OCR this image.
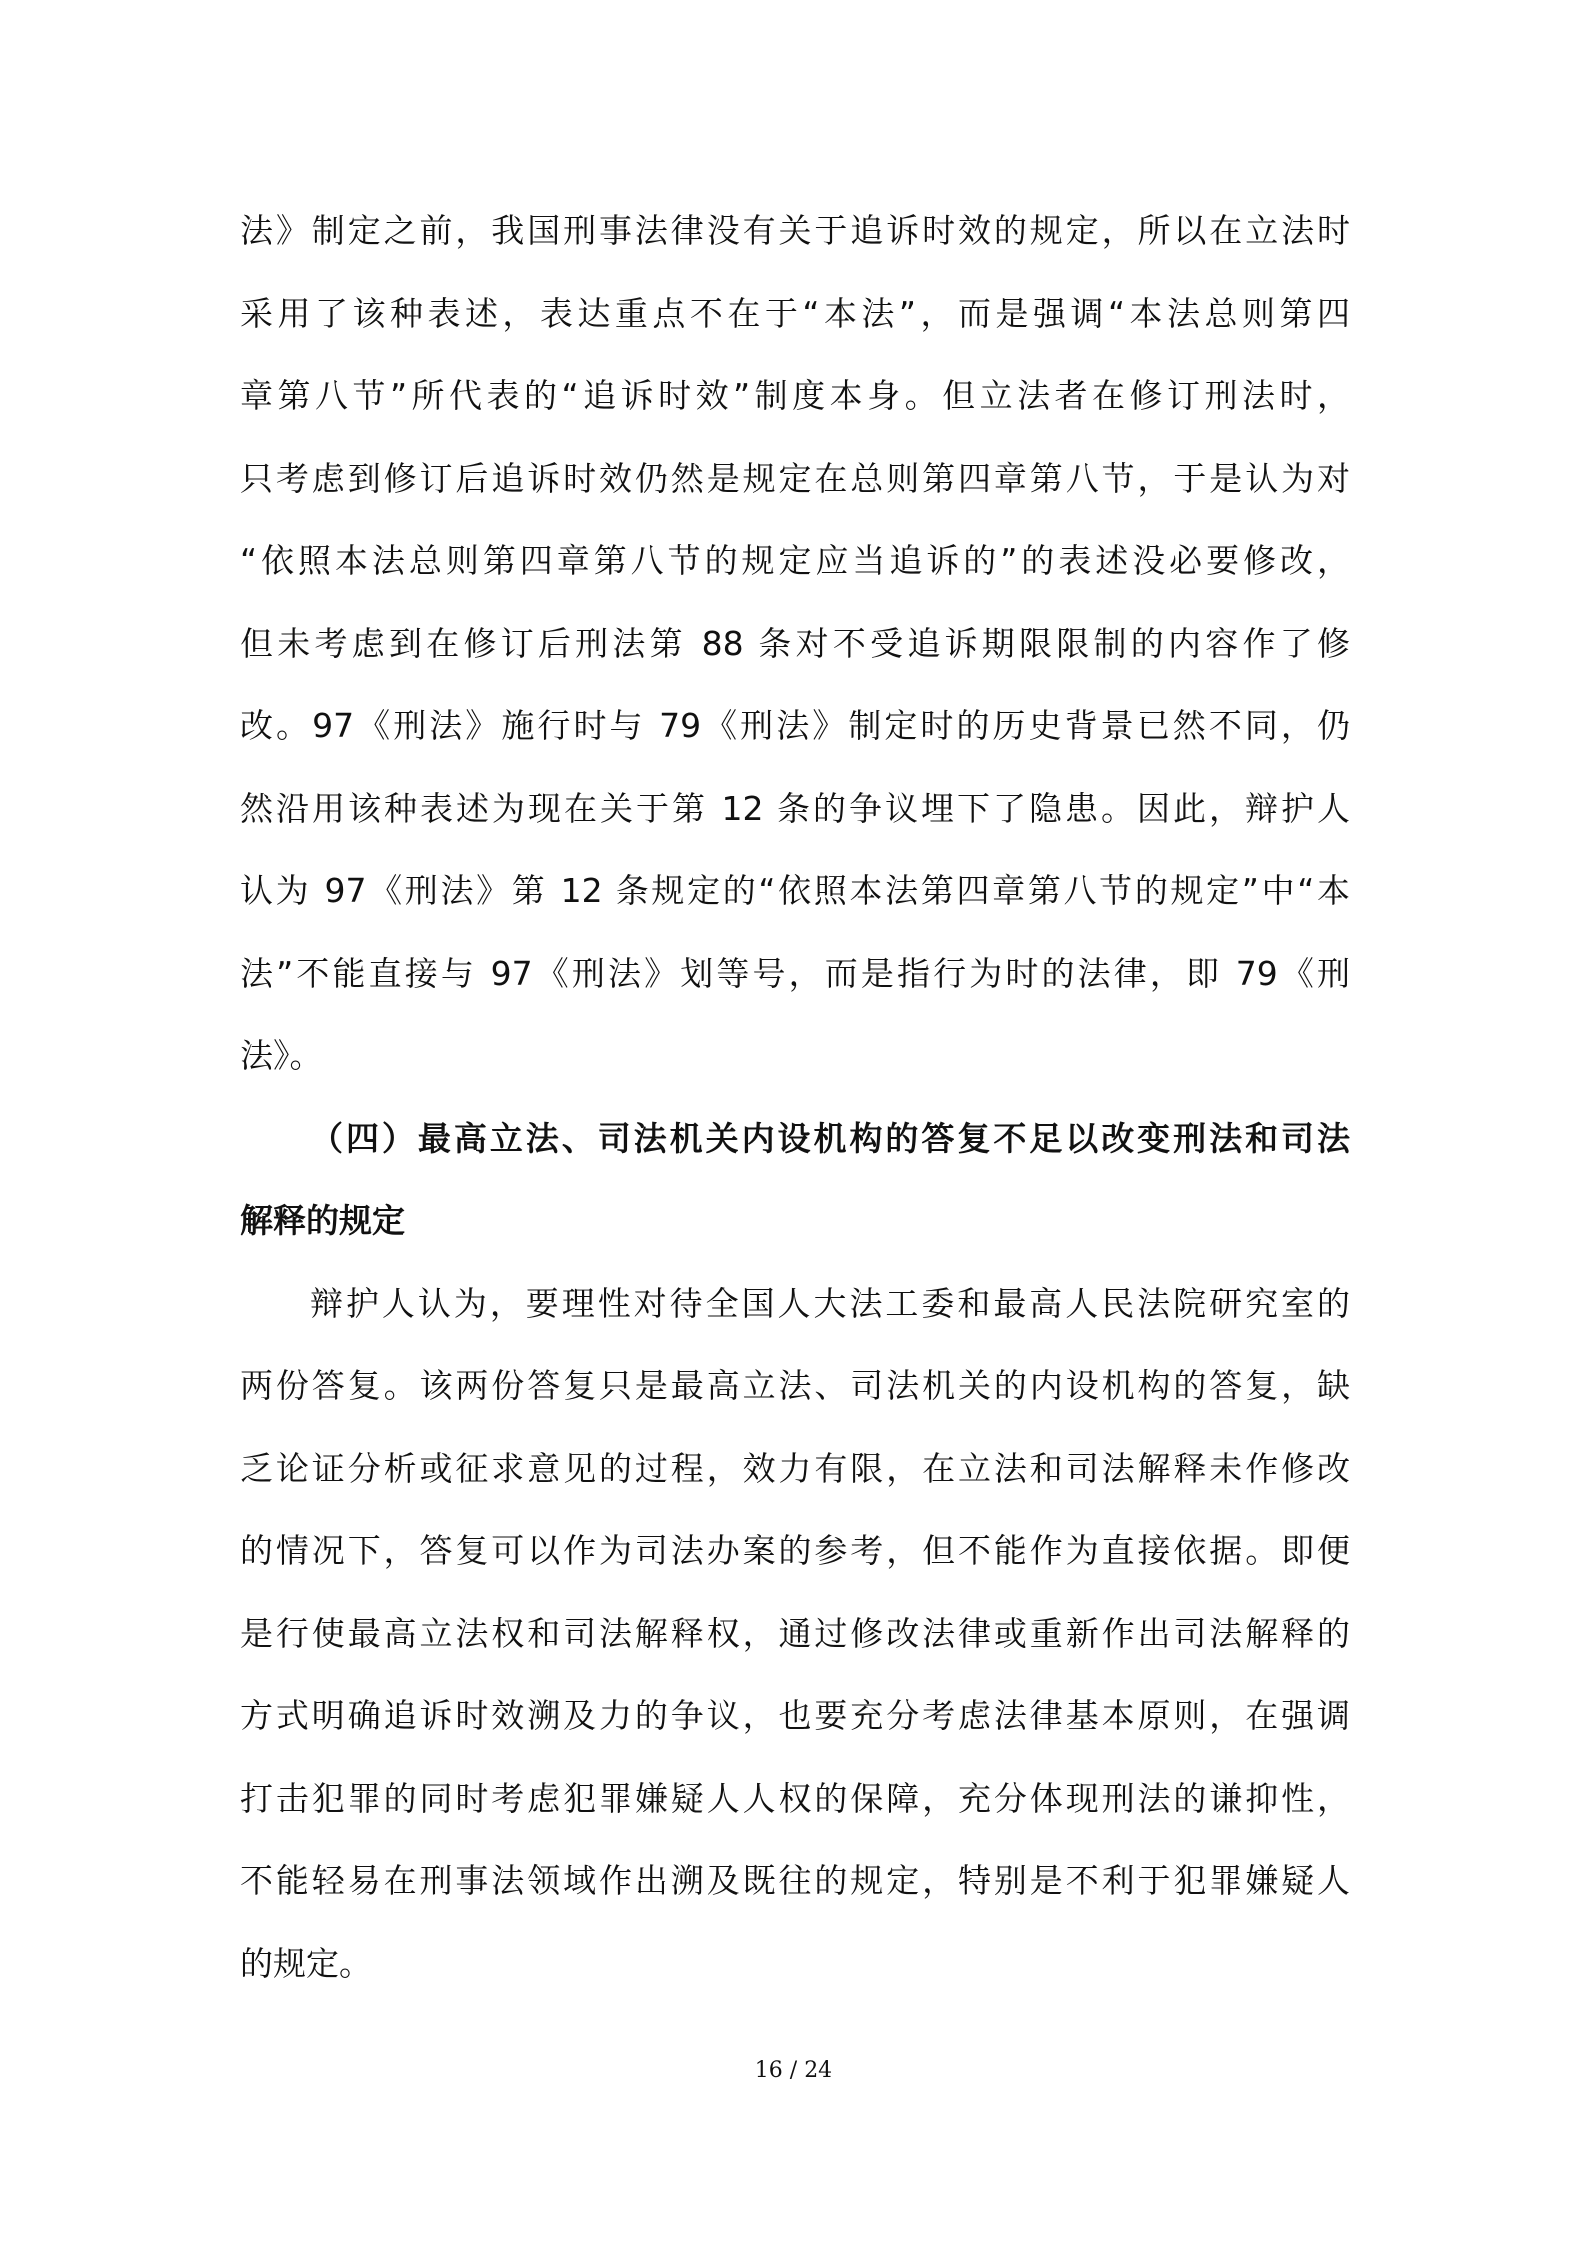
法》制定之前，我国刑事法律没有关于追诉时效的规定，所以在立法时
采用了该种表述，表达重点不在于“本法”，而是强调“本法总则第四
章第八节”所代表的“追诉时效”制度本身。但立法者在修订刑法时，
只考虑到修订后追诉时效仍然是规定在总则第四章第八节，于是认为对
“依照本法总则第四章第八节的规定应当追诉的”的表述没必要修改，
但未考虑到在修订后刑法第 88 条对不受追诉期限限制的内容作了修
改。97《刑法》施行时与 79《刑法》制定时的历史背景已然不同，仍
然沿用该种表述为现在关于第 12 条的争议埋下了隐患。因此，辩护人
认为 97《刑法》第 12 条规定的“依照本法第四章第八节的规定”中“本
法”不能直接与 97《刑法》划等号，而是指行为时的法律，即 79《刑
法》。
（四）最高立法、司法机关内设机构的答复不足以改变刑法和司法
解释的规定
辩护人认为，要理性对待全国人大法工委和最高人民法院研究室的
两份答复。该两份答复只是最高立法、司法机关的内设机构的答复，缺
乏论证分析或征求意见的过程，效力有限，在立法和司法解释未作修改
的情况下，答复可以作为司法办案的参考，但不能作为直接依据。即便
是行使最高立法权和司法解释权，通过修改法律或重新作出司法解释的
方式明确追诉时效溯及力的争议，也要充分考虑法律基本原则，在强调
打击犯罪的同时考虑犯罪嫌疑人人权的保障，充分体现刑法的谦抑性，
不能轻易在刑事法领域作出溯及既往的规定，特别是不利于犯罪嫌疑人
的规定。
16 / 24
